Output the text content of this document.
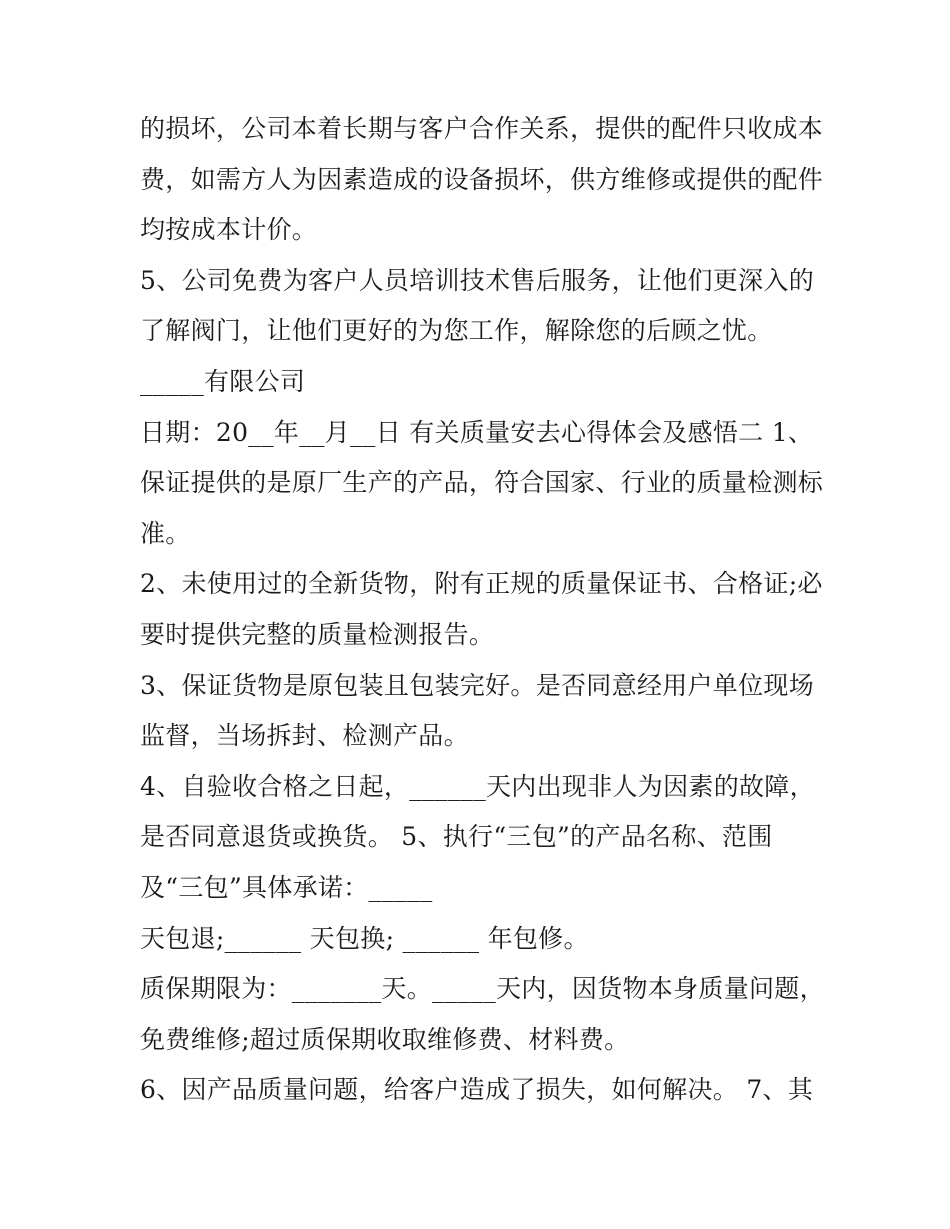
的损坏，公司本着长期与客户合作关系，提供的配件只收成本
费，如需方人为因素造成的设备损坏，供方维修或提供的配件
均按成本计价。
5、公司免费为客户人员培训技术售后服务，让他们更深入的
了解阀门，让他们更好的为您工作，解除您的后顾之忧。
_____有限公司
日期：20__年__月__日 有关质量安去心得体会及感悟二 1、
保证提供的是原厂生产的产品，符合国家、行业的质量检测标
准。
2、未使用过的全新货物，附有正规的质量保证书、合格证;必
要时提供完整的质量检测报告。
3、保证货物是原包装且包装完好。是否同意经用户单位现场
监督，当场拆封、检测产品。
4、自验收合格之日起，______天内出现非人为因素的故障，
是否同意退货或换货。 5、执行“三包”的产品名称、范围
及“三包”具体承诺：_____
天包退;______ 天包换; ______ 年包修。
质保期限为：_______天。_____天内，因货物本身质量问题，
免费维修;超过质保期收取维修费、材料费。
6、因产品质量问题，给客户造成了损失，如何解决。 7、其
